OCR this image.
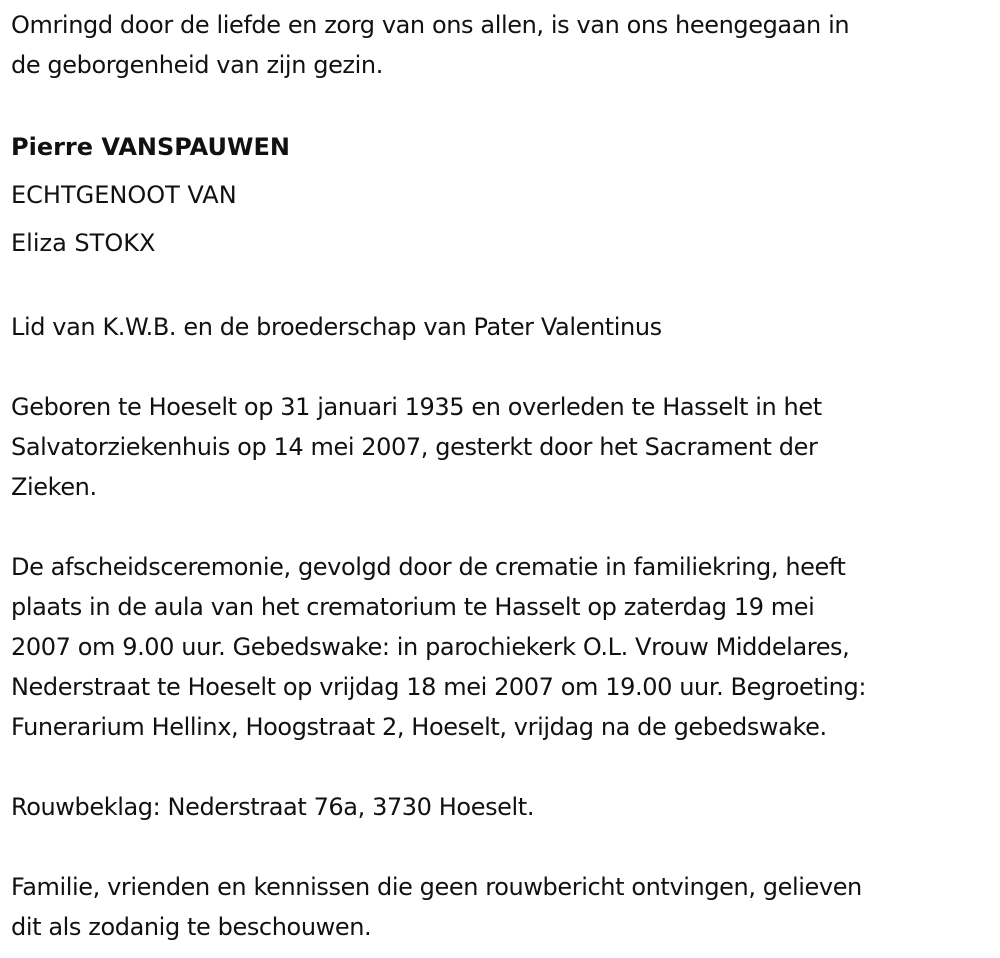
Omringd door de liefde en zorg van ons allen, is van ons heengegaan in

de geborgenheid van zijn gezin.

Pierre VANSPAUWEN

ECHTGENOOT VAN

Eliza STOKX

Lid van K.W.B. en de broederschap van Pater Valentinus

Geboren te Hoeselt op 31 januari 1935 en overleden te Hasselt in het

Salvatorziekenhuis op 14 mei 2007, gesterkt door het Sacrament der

Zieken.

De afscheidsceremonie, gevolgd door de crematie in familiekring, heeft

plaats in de aula van het crematorium te Hasselt op zaterdag 19 mei

2007 om 9.00 uur. Gebedswake: in parochiekerk O.L. Vrouw Middelares,

Nederstraat te Hoeselt op vrijdag 18 mei 2007 om 19.00 uur. Begroeting:

Funerarium Hellinx, Hoogstraat 2, Hoeselt, vrijdag na de gebedswake.

Rouwbeklag: Nederstraat 76a, 3730 Hoeselt.

Familie, vrienden en kennissen die geen rouwbericht ontvingen, gelieven

dit als zodanig te beschouwen.
